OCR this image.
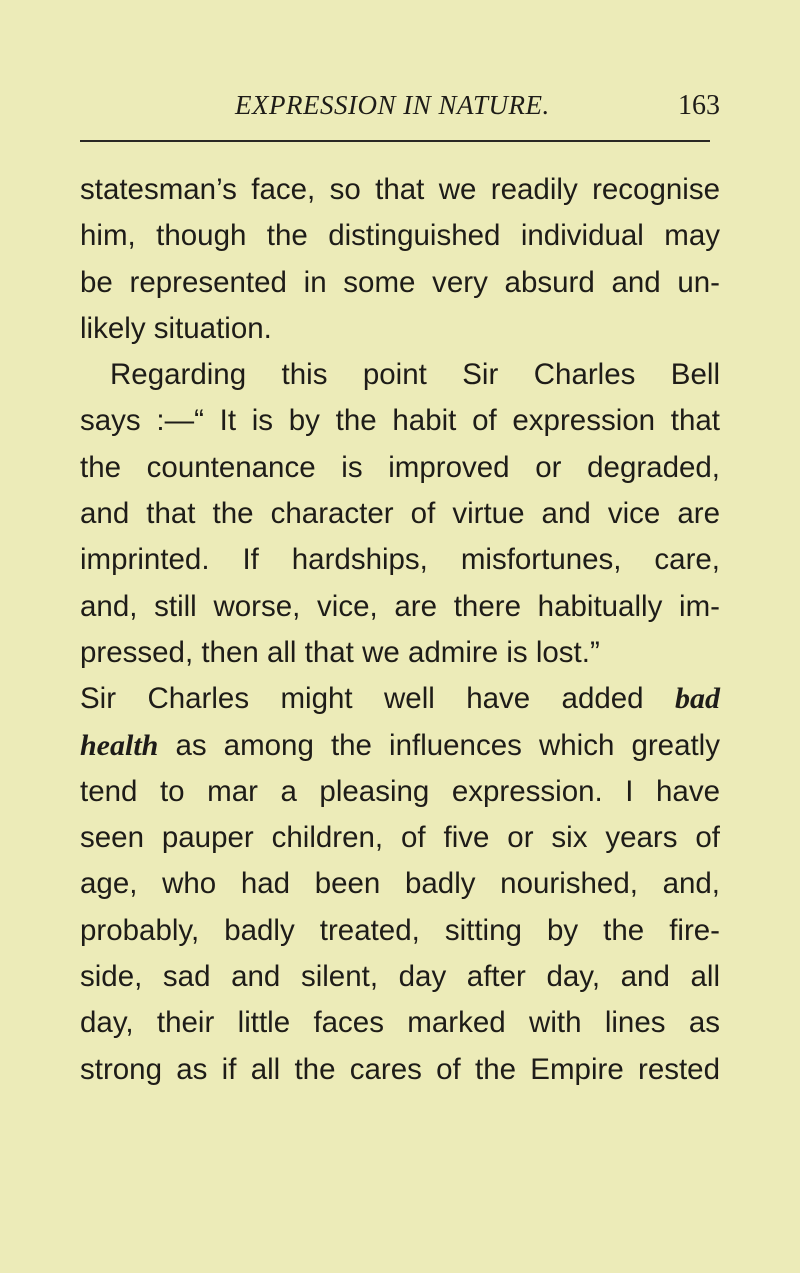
EXPRESSION IN NATURE.	163
statesman’s face, so that we readily recognise
him, though the distinguished individual may
be represented in some very absurd and un-
likely situation.
Regarding this point Sir Charles Bell
says :—“ It is by the habit of expression that
the countenance is improved or degraded,
and that the character of virtue and vice are
imprinted. If hardships, misfortunes, care,
and, still worse, vice, are there habitually im-
pressed, then all that we admire is lost.”
Sir Charles might well have added bad
health as among the influences which greatly
tend to mar a pleasing expression. I have
seen pauper children, of five or six years of
age, who had been badly nourished, and,
probably, badly treated, sitting by the fire-
side, sad and silent, day after day, and all
day, their little faces marked with lines as
strong as if all the cares of the Empire rested
